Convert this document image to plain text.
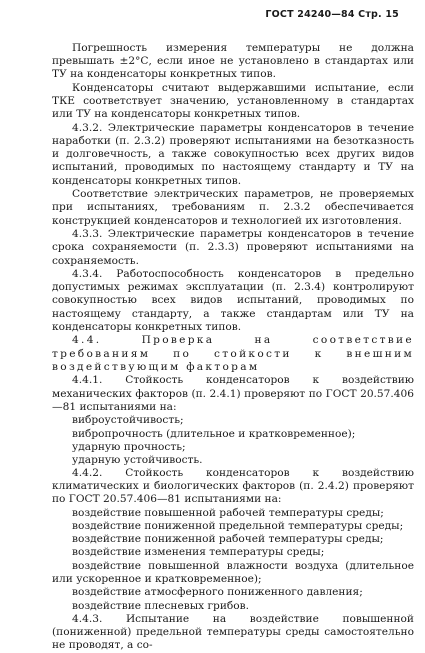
ГОСТ 24240—84 Стр. 15

Погрешность измерения температуры не должна превышать ±2°С, если иное не установлено в стандартах или ТУ на конденсаторы конкретных типов.

Конденсаторы считают выдержавшими испытание, если ТКЕ соответствует значению, установленному в стандартах или ТУ на конденсаторы конкретных типов.

4.3.2. Электрические параметры конденсаторов в течение наработки (п. 2.3.2) проверяют испытаниями на безотказность и долговечность, а также совокупностью всех других видов испытаний, проводимых по настоящему стандарту и ТУ на конденсаторы конкретных типов.

Соответствие электрических параметров, не проверяемых при испытаниях, требованиям п. 2.3.2 обеспечивается конструкцией конденсаторов и технологией их изготовления.

4.3.3. Электрические параметры конденсаторов в течение срока сохраняемости (п. 2.3.3) проверяют испытаниями на сохраняемость.

4.3.4. Работоспособность конденсаторов в предельно допустимых режимах эксплуатации (п. 2.3.4) контролируют совокупностью всех видов испытаний, проводимых по настоящему стандарту, а также стандартам или ТУ на конденсаторы конкретных типов.

4.4. Проверка на соответствие требованиям по стойкости к внешним воздействующим факторам

4.4.1. Стойкость конденсаторов к воздействию механических факторов (п. 2.4.1) проверяют по ГОСТ 20.57.406—81 испытаниями на:

виброустойчивость;

вибропрочность (длительное и кратковременное);

ударную прочность;

ударную устойчивость.

4.4.2. Стойкость конденсаторов к воздействию климатических и биологических факторов (п. 2.4.2) проверяют по ГОСТ 20.57.406—81 испытаниями на:

воздействие повышенной рабочей температуры среды;

воздействие пониженной предельной температуры среды;

воздействие пониженной рабочей температуры среды;

воздействие изменения температуры среды;

воздействие повышенной влажности воздуха (длительное или ускоренное и кратковременное);

воздействие атмосферного пониженного давления;

воздействие плесневых грибов.

4.4.3. Испытание на воздействие повышенной (пониженной) предельной температуры среды самостоятельно не проводят, а со-
